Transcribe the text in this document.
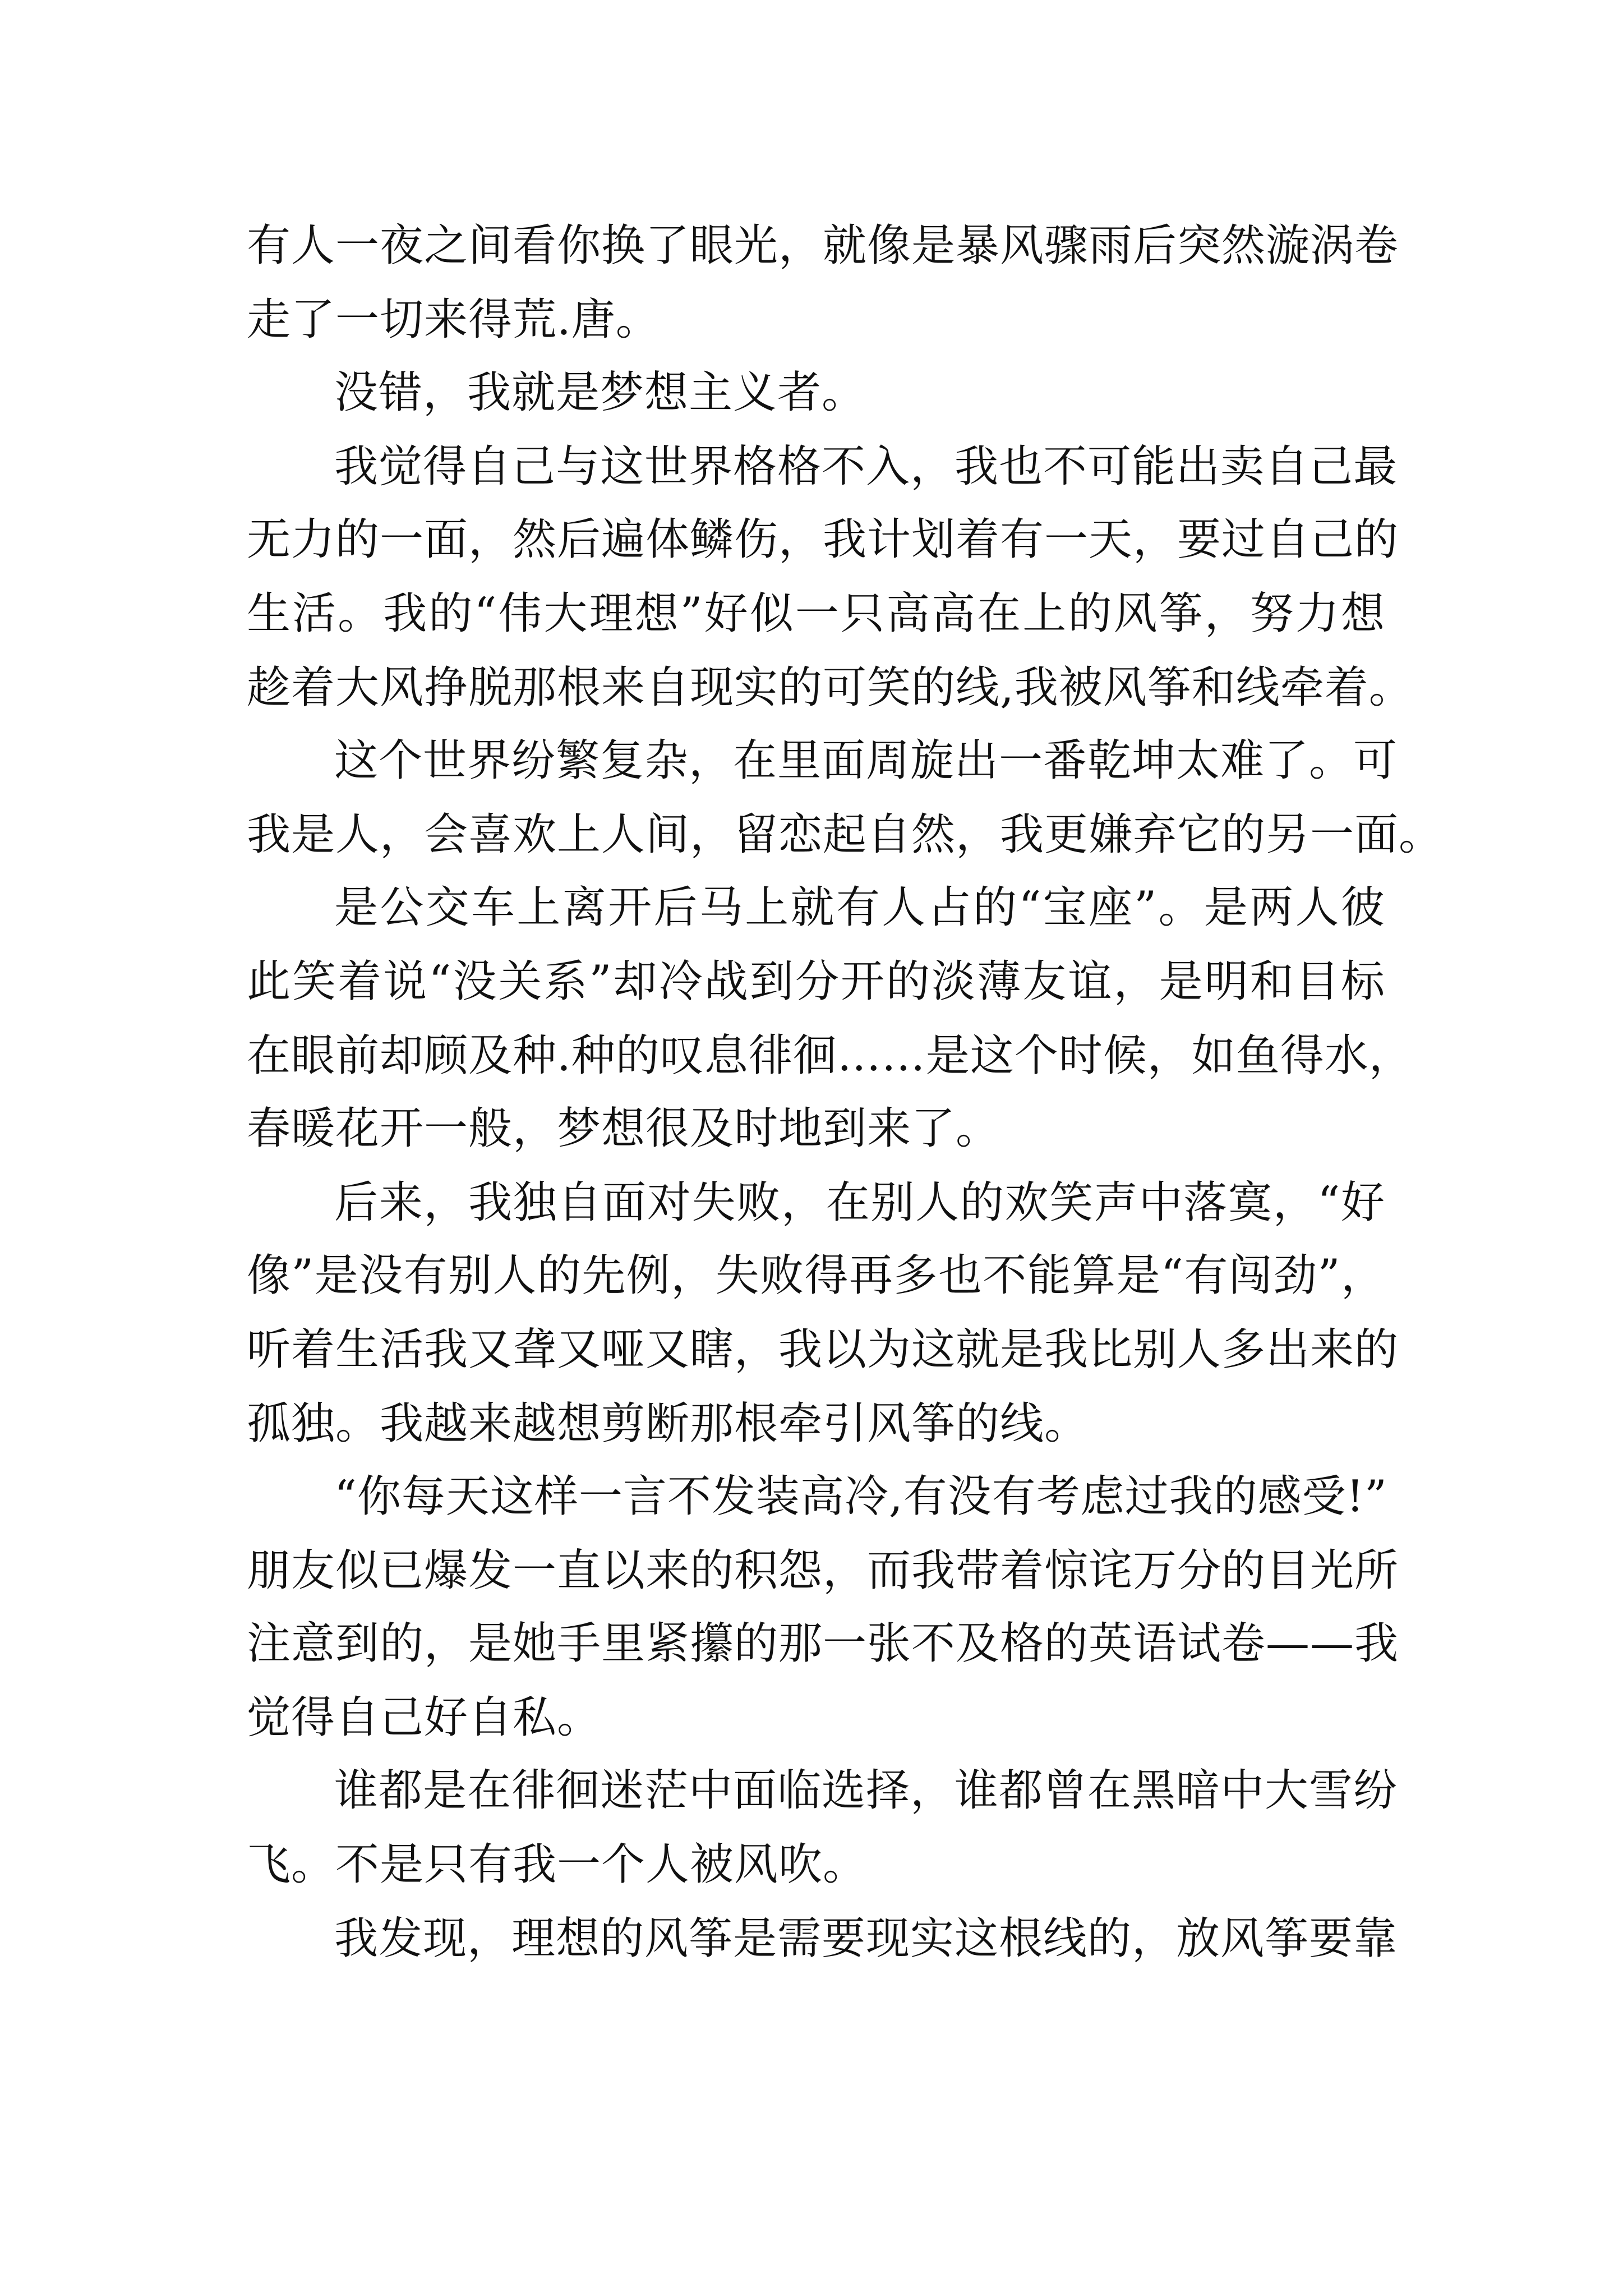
有人一夜之间看你换了眼光，就像是暴风骤雨后突然漩涡卷
走了一切来得荒.唐。
没错，我就是梦想主义者。
我觉得自己与这世界格格不入，我也不可能出卖自己最
无力的一面，然后遍体鳞伤，我计划着有一天，要过自己的
生活。我的“伟大理想”好似一只高高在上的风筝，努力想
趁着大风挣脱那根来自现实的可笑的线,我被风筝和线牵着。
这个世界纷繁复杂，在里面周旋出一番乾坤太难了。可
我是人，会喜欢上人间，留恋起自然，我更嫌弃它的另一面。
是公交车上离开后马上就有人占的“宝座”。是两人彼
此笑着说“没关系”却冷战到分开的淡薄友谊，是明和目标
在眼前却顾及种.种的叹息徘徊……是这个时候，如鱼得水，
春暖花开一般，梦想很及时地到来了。
后来，我独自面对失败，在别人的欢笑声中落寞，“好
像”是没有别人的先例，失败得再多也不能算是“有闯劲”，
听着生活我又聋又哑又瞎，我以为这就是我比别人多出来的
孤独。我越来越想剪断那根牵引风筝的线。
“你每天这样一言不发装高冷,有没有考虑过我的感受!”
朋友似已爆发一直以来的积怨，而我带着惊诧万分的目光所
注意到的，是她手里紧攥的那一张不及格的英语试卷——我
觉得自己好自私。
谁都是在徘徊迷茫中面临选择，谁都曾在黑暗中大雪纷
飞。不是只有我一个人被风吹。
我发现，理想的风筝是需要现实这根线的，放风筝要靠
